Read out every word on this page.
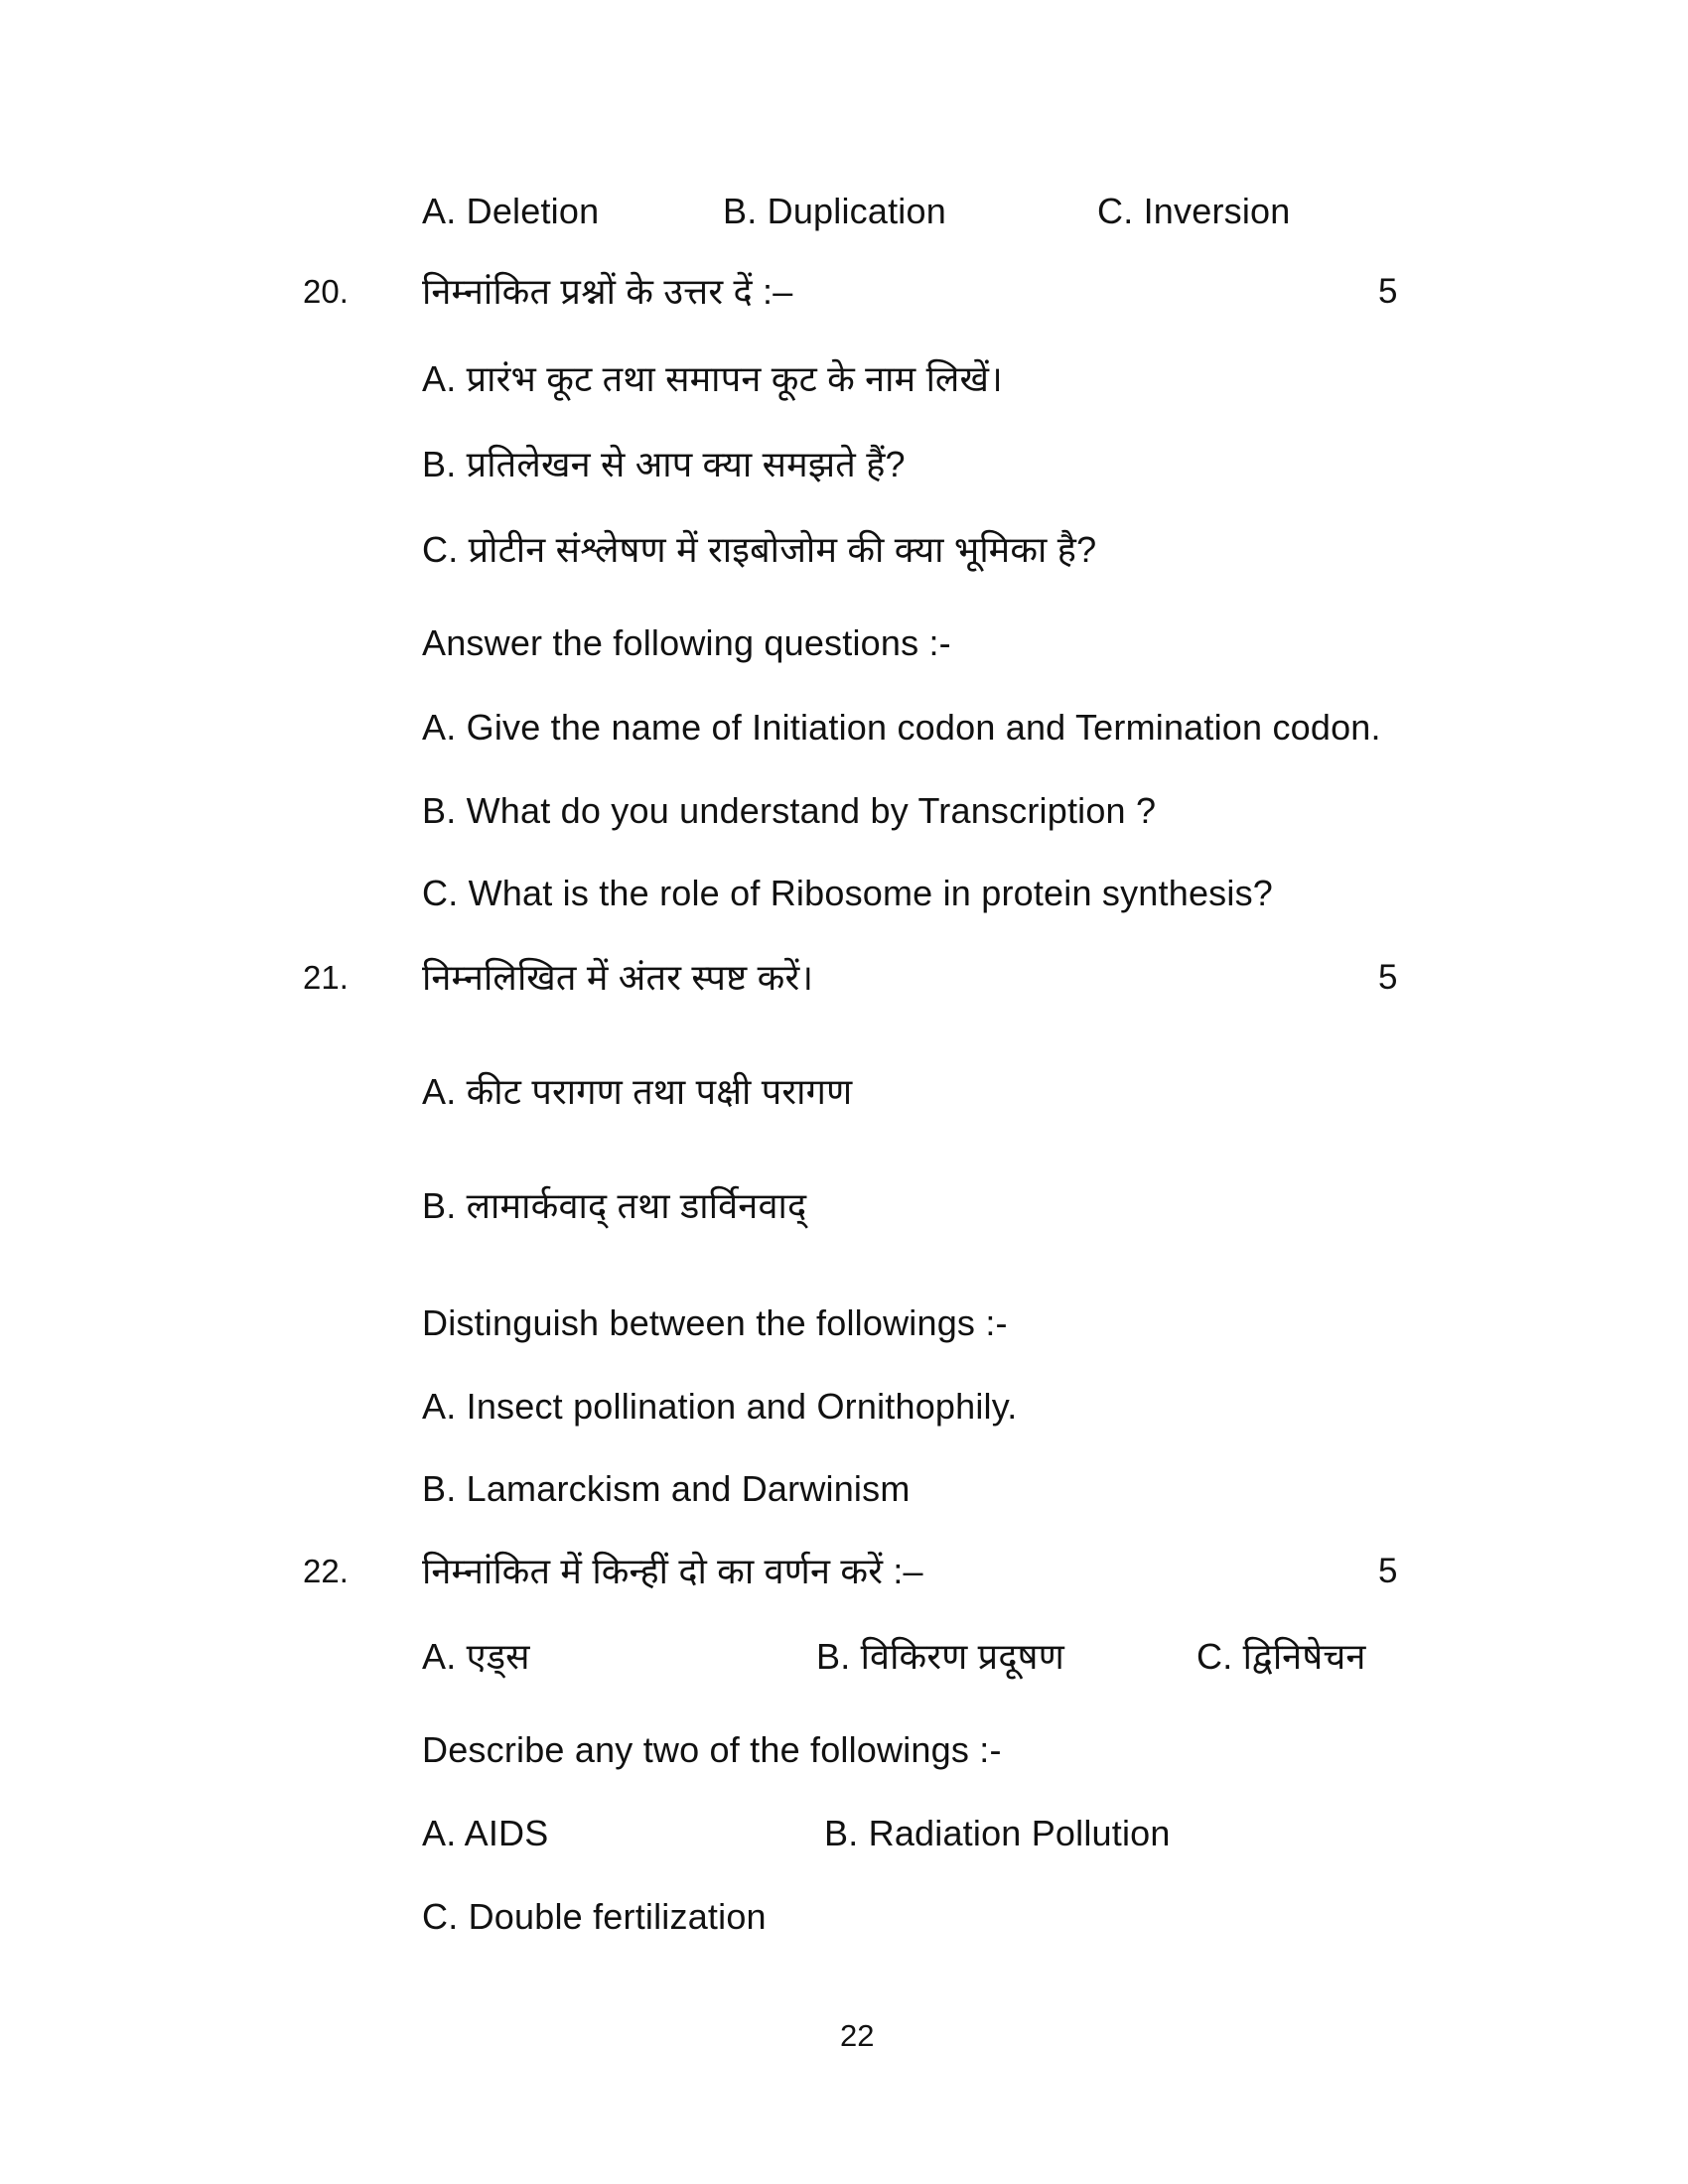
A. Deletion	B. Duplication	C. Inversion
20. निम्नांकित प्रश्नों के उत्तर दें :–	5
A. प्रारंभ कूट तथा समापन कूट के नाम लिखें।
B. प्रतिलेखन से आप क्या समझते हैं?
C. प्रोटीन संश्लेषण में राइबोजोम की क्या भूमिका है?
Answer the following questions :-
A. Give the name of Initiation codon and Termination codon.
B. What do you understand by Transcription ?
C. What is the role of Ribosome in protein synthesis?
21. निम्नलिखित में अंतर स्पष्ट करें।	5
A. कीट परागण तथा पक्षी परागण
B. लामार्कवाद् तथा डार्विनवाद्
Distinguish between the followings :-
A. Insect pollination and Ornithophily.
B. Lamarckism and Darwinism
22. निम्नांकित में किन्हीं दो का वर्णन करें :–	5
A. एड्स	B. विकिरण प्रदूषण	C. द्विनिषेचन
Describe any two of the followings :-
A. AIDS	B. Radiation Pollution
C. Double fertilization
22
